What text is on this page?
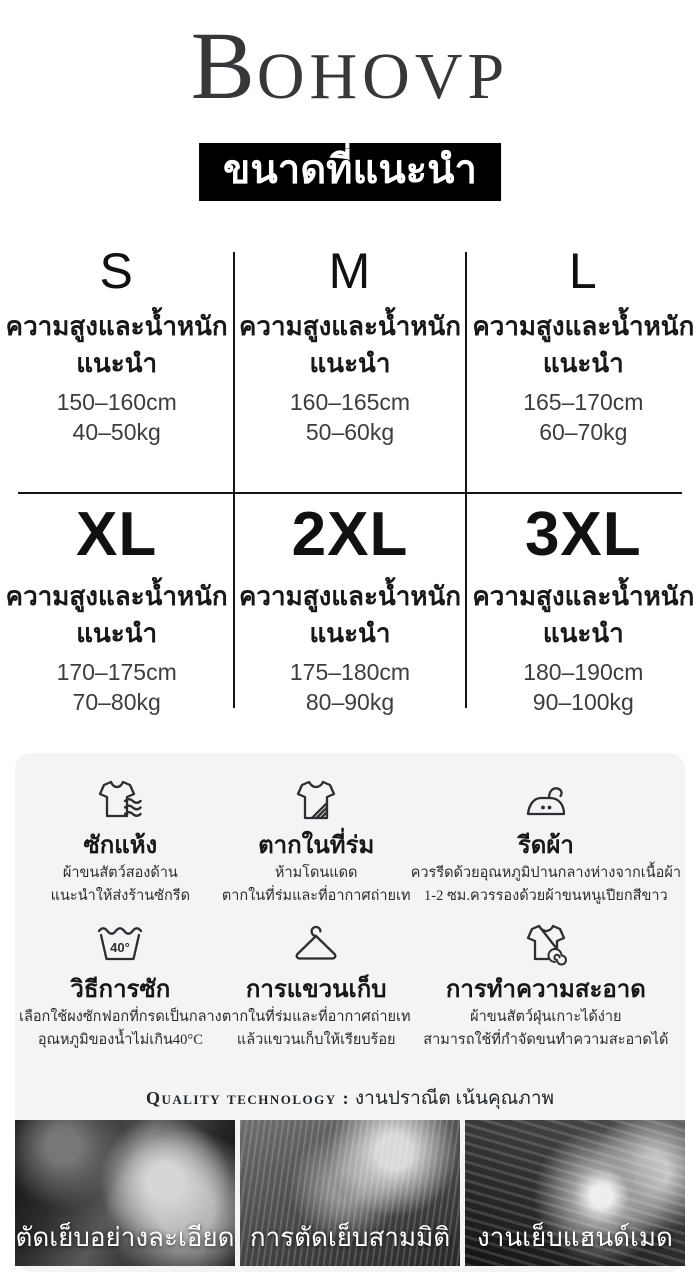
BOHOVP
ขนาดที่แนะนำ
S
ความสูงและน้ำหนัก
แนะนำ
150–160cm
40–50kg
M
ความสูงและน้ำหนัก
แนะนำ
160–165cm
50–60kg
L
ความสูงและน้ำหนัก
แนะนำ
165–170cm
60–70kg
XL
ความสูงและน้ำหนัก
แนะนำ
170–175cm
70–80kg
2XL
ความสูงและน้ำหนัก
แนะนำ
175–180cm
80–90kg
3XL
ความสูงและน้ำหนัก
แนะนำ
180–190cm
90–100kg
ซักแห้ง
ผ้าขนสัตว์สองด้าน
แนะนำให้ส่งร้านซักรีด
ตากในที่ร่ม
ห้ามโดนแดด
ตากในที่ร่มและที่อากาศถ่ายเท
รีดผ้า
ควรรีดด้วยอุณหภูมิปานกลางห่างจากเนื้อผ้า
1-2 ซม.ควรรองด้วยผ้าขนหนูเปียกสีขาว
40°
วิธีการซัก
เลือกใช้ผงซักฟอกที่กรดเป็นกลาง
อุณหภูมิของน้ำไม่เกิน40°C
การแขวนเก็บ
ตากในที่ร่มและที่อากาศถ่ายเท
แล้วแขวนเก็บให้เรียบร้อย
การทำความสะอาด
ผ้าขนสัตว์ฝุ่นเกาะได้ง่าย
สามารถใช้ที่กำจัดขนทำความสะอาดได้
Quality technology : งานปราณีต เน้นคุณภาพ
ตัดเย็บอย่างละเอียด การตัดเย็บสามมิติ	งานเย็บแฮนด์เมด
